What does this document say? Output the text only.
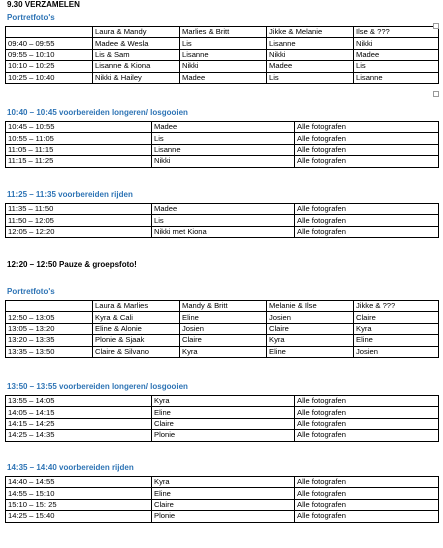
9.30 VERZAMELEN
Portretfoto's
	Laura & Mandy	Marlies & Britt	Jikke & Melanie	Ilse & ???
09:40 – 09:55	Madee & Wesla	Lis	Lisanne	Nikki
09:55 – 10:10	Lis & Sam	Lisanne	Nikki	Madee
10:10 – 10:25	Lisanne & Kiona	Nikki	Madee	Lis
10:25 – 10:40	Nikki & Hailey	Madee	Lis	Lisanne
10:40 – 10:45 voorbereiden longeren/ losgooien
10:45 – 10:55	Madee	Alle fotografen
10:55 – 11:05	Lis	Alle fotografen
11:05 – 11:15	Lisanne	Alle fotografen
11:15 – 11:25	Nikki	Alle fotografen
11:25 – 11:35 voorbereiden rijden
11:35 – 11:50	Madee	Alle fotografen
11:50 – 12:05	Lis	Alle fotografen
12:05 – 12:20	Nikki met Kiona	Alle fotografen
12:20 – 12:50 Pauze & groepsfoto!
Portretfoto's
	Laura & Marlies	Mandy & Britt	Melanie & Ilse	Jikke & ???
12:50 – 13:05	Kyra & Cali	Eline	Josien	Claire
13:05 – 13:20	Eline & Alonie	Josien	Claire	Kyra
13:20 – 13:35	Plonie & Sjaak	Claire	Kyra	Eline
13:35 – 13:50	Claire & Silvano	Kyra	Eline	Josien
13:50 – 13:55 voorbereiden longeren/ losgooien
13:55 – 14:05	Kyra	Alle fotografen
14:05 – 14:15	Eline	Alle fotografen
14:15 – 14:25	Claire	Alle fotografen
14:25 – 14:35	Plonie	Alle fotografen
14:35 – 14:40 voorbereiden rijden
14:40 – 14:55	Kyra	Alle fotografen
14:55 – 15:10	Eline	Alle fotografen
15:10 – 15: 25	Claire	Alle fotografen
14:25 – 15:40	Plonie	Alle fotografen
